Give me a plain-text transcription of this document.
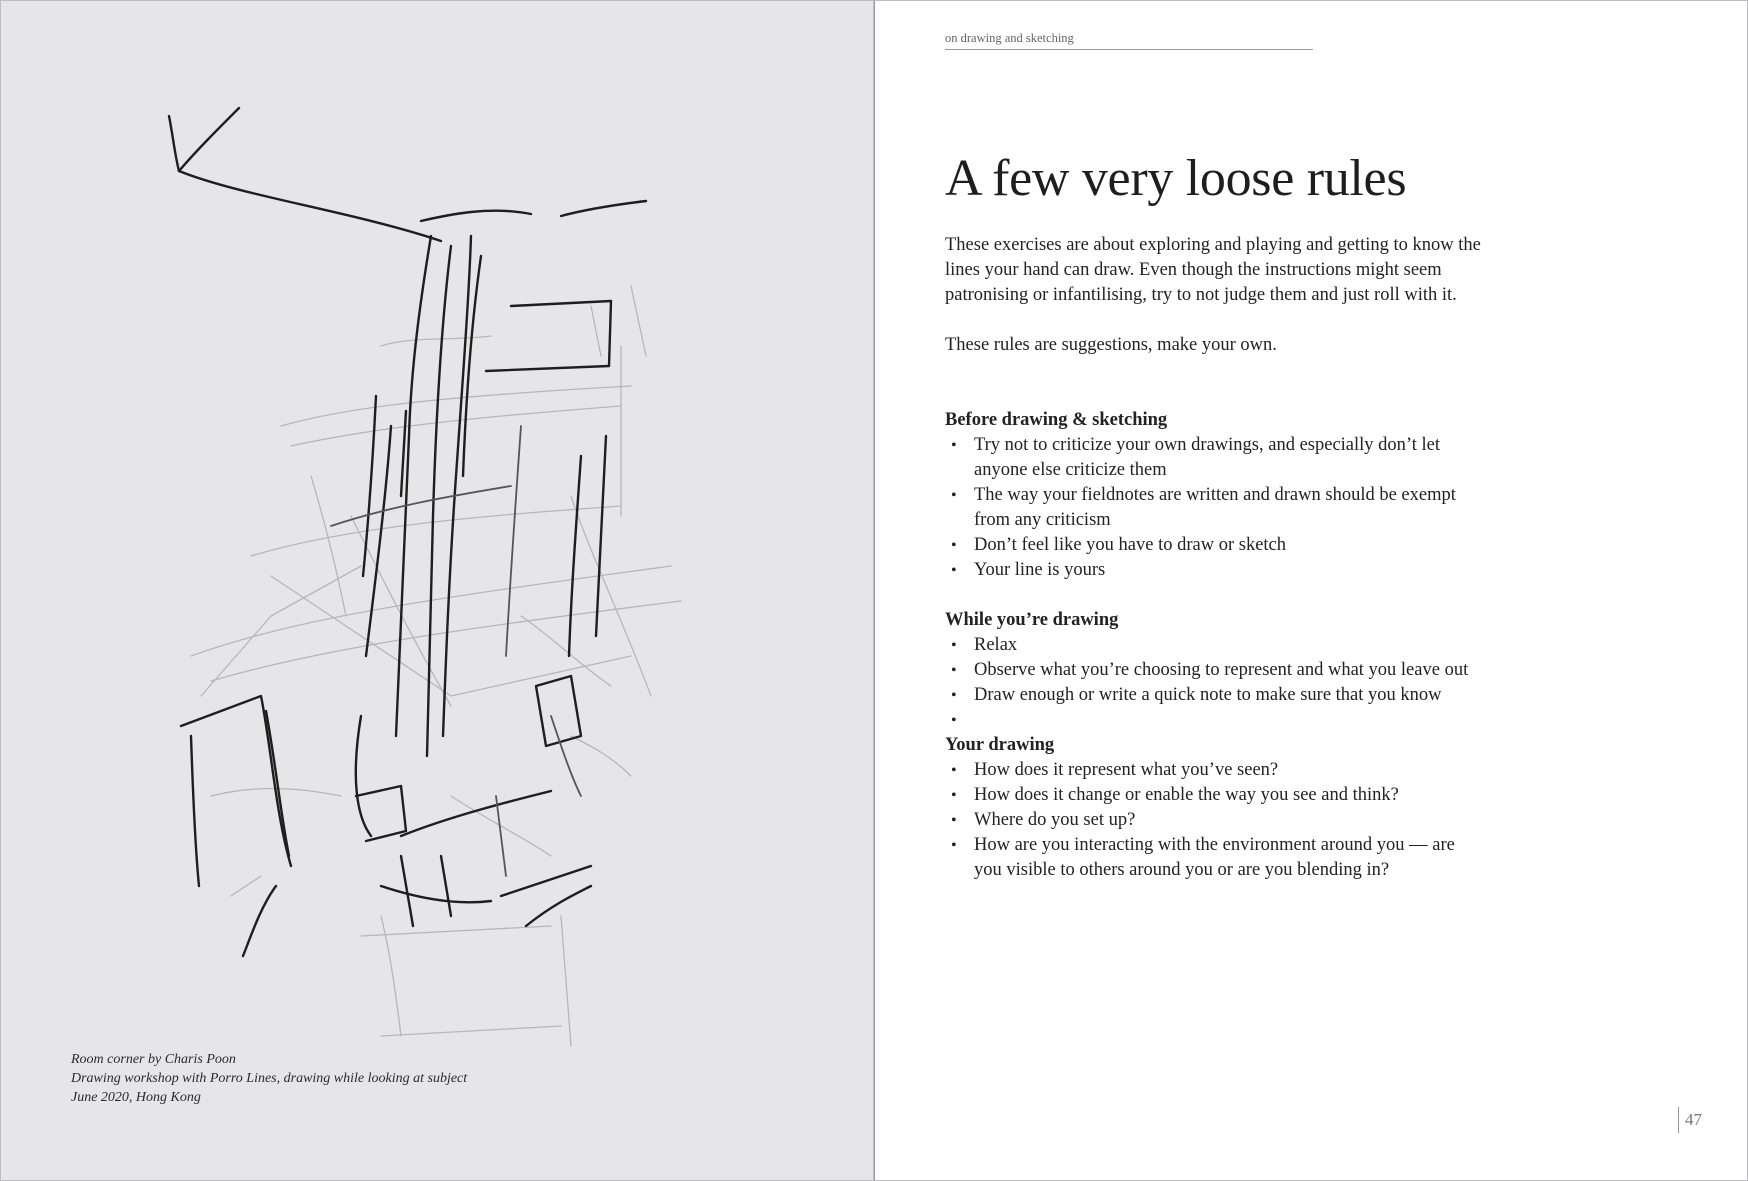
Room corner by Charis Poon
Drawing workshop with Porro Lines, drawing while looking at subject
June 2020, Hong Kong
on drawing and sketching
A few very loose rules

These exercises are about exploring and playing and getting to know the lines your hand can draw. Even though the instructions might seem patronising or infantilising, try to not judge them and just roll with it.

These rules are suggestions, make your own.

Before drawing & sketching

• Try not to criticize your own drawings, and especially don’t let anyone else criticize them
• The way your fieldnotes are written and drawn should be exempt from any criticism
• Don’t feel like you have to draw or sketch
• Your line is yours

While you’re drawing

• Relax
• Observe what you’re choosing to represent and what you leave out
• Draw enough or write a quick note to make sure that you know
•

Your drawing

• How does it represent what you’ve seen?
• How does it change or enable the way you see and think?
• Where do you set up?
• How are you interacting with the environment around you — are you visible to others around you or are you blending in?
47
